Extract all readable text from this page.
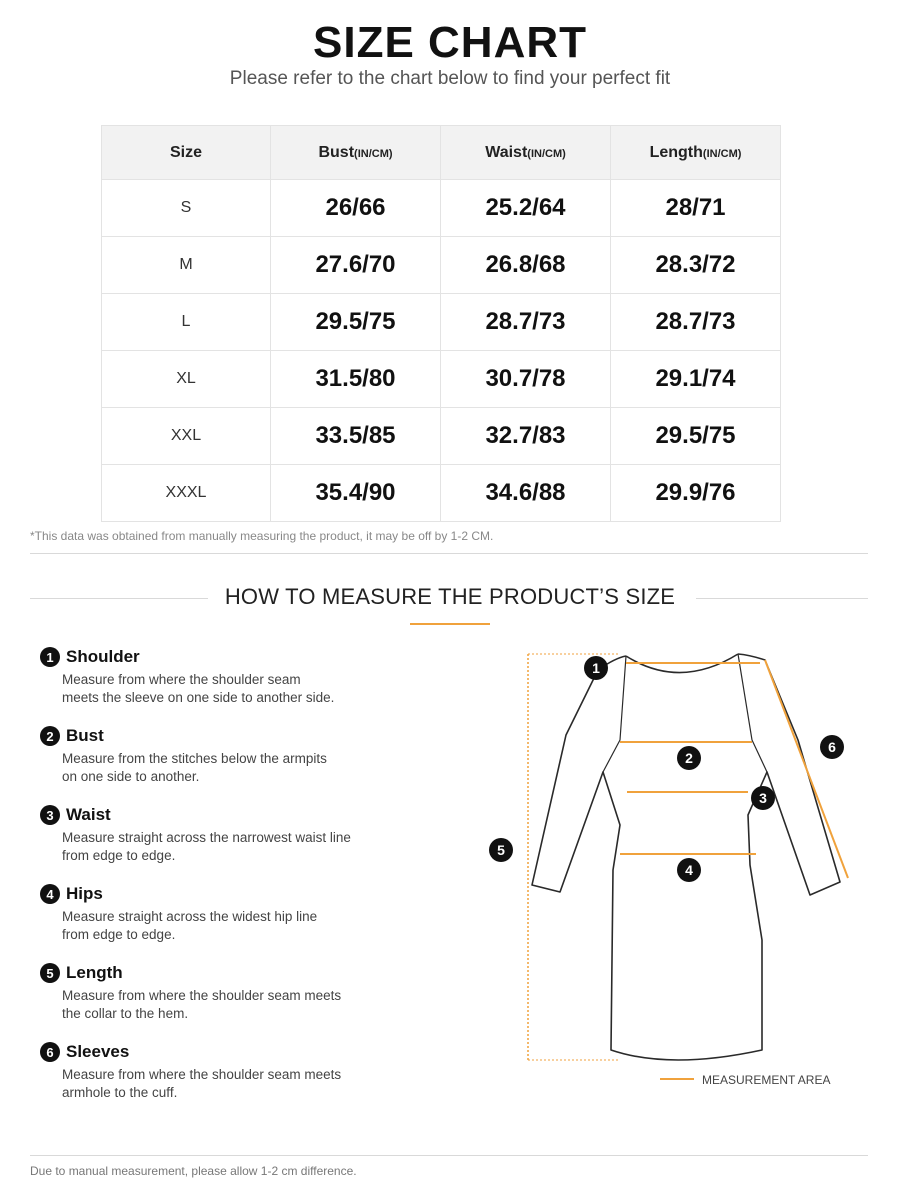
SIZE CHART
Please refer to the chart below to find your perfect fit
Size	Bust(IN/CM)	Waist(IN/CM)	Length(IN/CM)
S	26/66	25.2/64	28/71
M	27.6/70	26.8/68	28.3/72
L	29.5/75	28.7/73	28.7/73
XL	31.5/80	30.7/78	29.1/74
XXL	33.5/85	32.7/83	29.5/75
XXXL	35.4/90	34.6/88	29.9/76
*This data was obtained from manually measuring the product, it may be off by 1-2 CM.
HOW TO MEASURE THE PRODUCT’S SIZE
1 Shoulder
Measure from where the shoulder seam
meets the sleeve on one side to another side.
2 Bust
Measure from the stitches below the armpits
on one side to another.
3 Waist
Measure straight across the narrowest waist line
from edge to edge.
4 Hips
Measure straight across the widest hip line
from edge to edge.
5 Length
Measure from where the shoulder seam meets
the collar to the hem.
6 Sleeves
Measure from where the shoulder seam meets
armhole to the cuff.
1
2
3
4
5
6
MEASUREMENT AREA
Due to manual measurement, please allow 1-2 cm difference.
